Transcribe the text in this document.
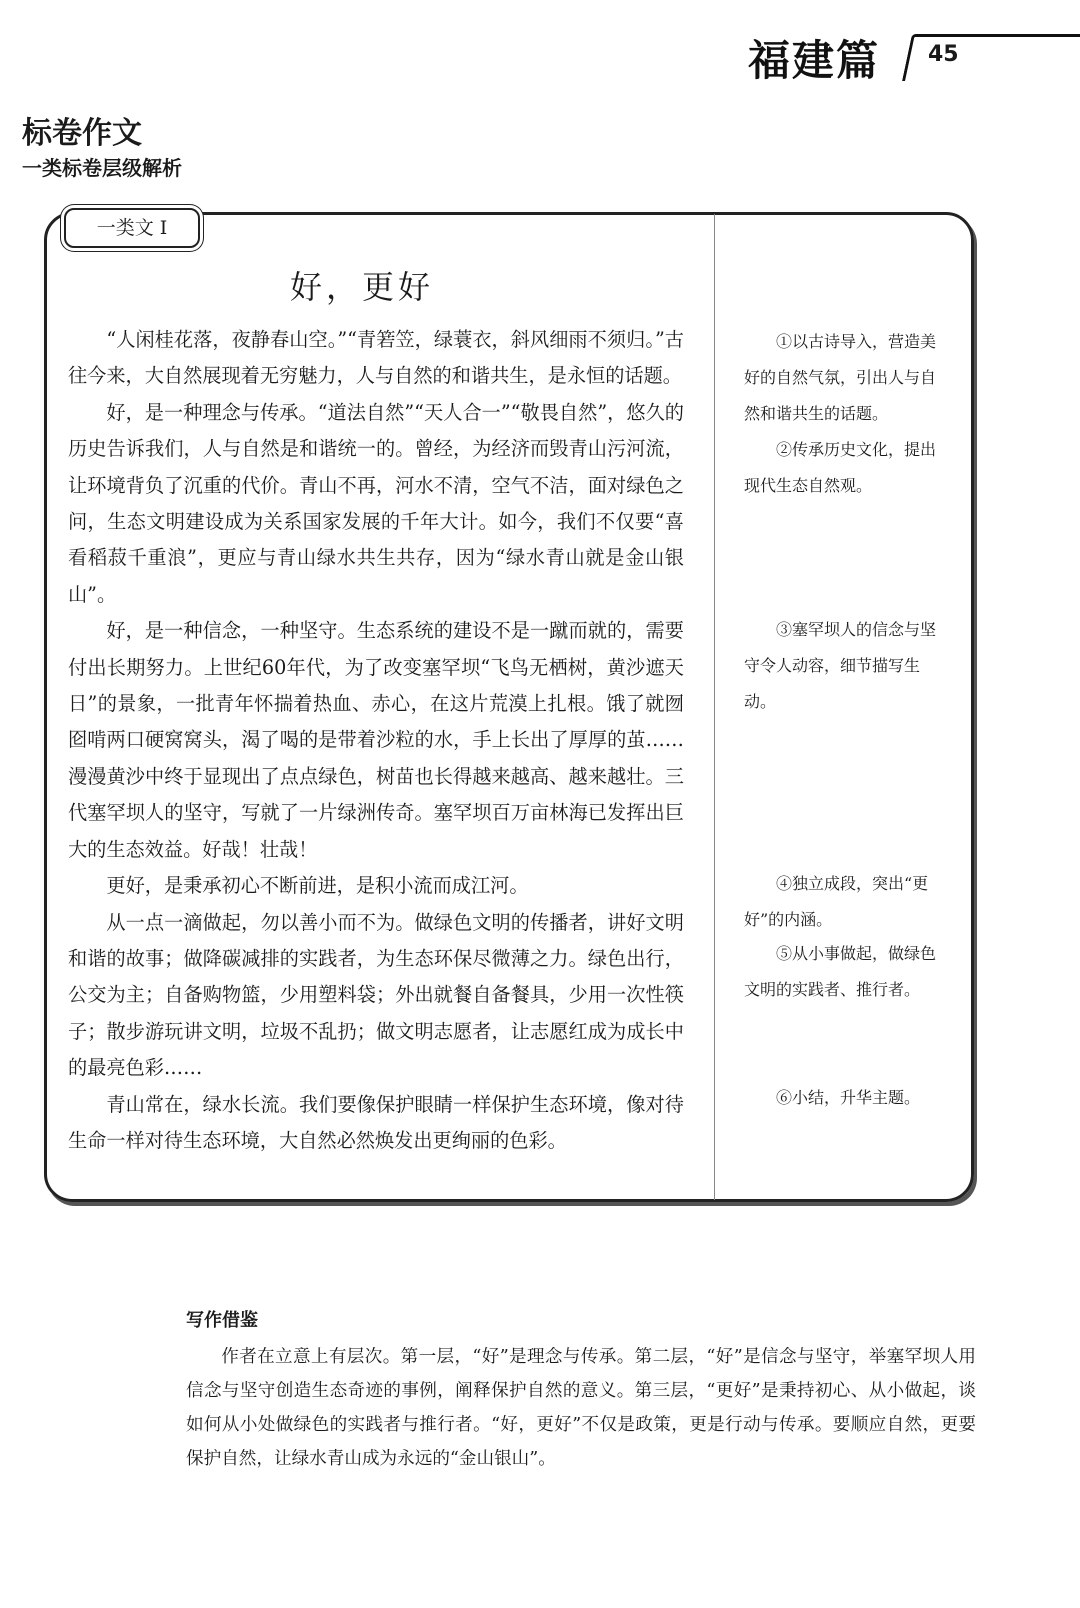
福建篇 45
标卷作文
一类标卷层级解析
一类文 I
好，更好

“人闲桂花落，夜静春山空。”“青箬笠，绿蓑衣，斜风细雨不须归。”古往今来，大自然展现着无穷魅力，人与自然的和谐共生，是永恒的话题。

好，是一种理念与传承。“道法自然”“天人合一”“敬畏自然”，悠久的历史告诉我们，人与自然是和谐统一的。曾经，为经济而毁青山污河流，让环境背负了沉重的代价。青山不再，河水不清，空气不洁，面对绿色之问，生态文明建设成为关系国家发展的千年大计。如今，我们不仅要“喜看稻菽千重浪”，更应与青山绿水共生共存，因为“绿水青山就是金山银山”。

好，是一种信念，一种坚守。生态系统的建设不是一蹴而就的，需要付出长期努力。上世纪60年代，为了改变塞罕坝“飞鸟无栖树，黄沙遮天日”的景象，一批青年怀揣着热血、赤心，在这片荒漠上扎根。饿了就囫囵啃两口硬窝窝头，渴了喝的是带着沙粒的水，手上长出了厚厚的茧……漫漫黄沙中终于显现出了点点绿色，树苗也长得越来越高、越来越壮。三代塞罕坝人的坚守，写就了一片绿洲传奇。塞罕坝百万亩林海已发挥出巨大的生态效益。好哉！壮哉！

更好，是秉承初心不断前进，是积小流而成江河。

从一点一滴做起，勿以善小而不为。做绿色文明的传播者，讲好文明和谐的故事；做降碳减排的实践者，为生态环保尽微薄之力。绿色出行，公交为主；自备购物篮，少用塑料袋；外出就餐自备餐具，少用一次性筷子；散步游玩讲文明，垃圾不乱扔；做文明志愿者，让志愿红成为成长中的最亮色彩……

青山常在，绿水长流。我们要像保护眼睛一样保护生态环境，像对待生命一样对待生态环境，大自然必然焕发出更绚丽的色彩。

①以古诗导入，营造美好的自然气氛，引出人与自然和谐共生的话题。

②传承历史文化，提出现代生态自然观。

③塞罕坝人的信念与坚守令人动容，细节描写生动。

④独立成段，突出“更好”的内涵。

⑤从小事做起，做绿色文明的实践者、推行者。

⑥小结，升华主题。

写作借鉴

作者在立意上有层次。第一层，“好”是理念与传承。第二层，“好”是信念与坚守，举塞罕坝人用信念与坚守创造生态奇迹的事例，阐释保护自然的意义。第三层，“更好”是秉持初心、从小做起，谈如何从小处做绿色的实践者与推行者。“好，更好”不仅是政策，更是行动与传承。要顺应自然，更要保护自然，让绿水青山成为永远的“金山银山”。
